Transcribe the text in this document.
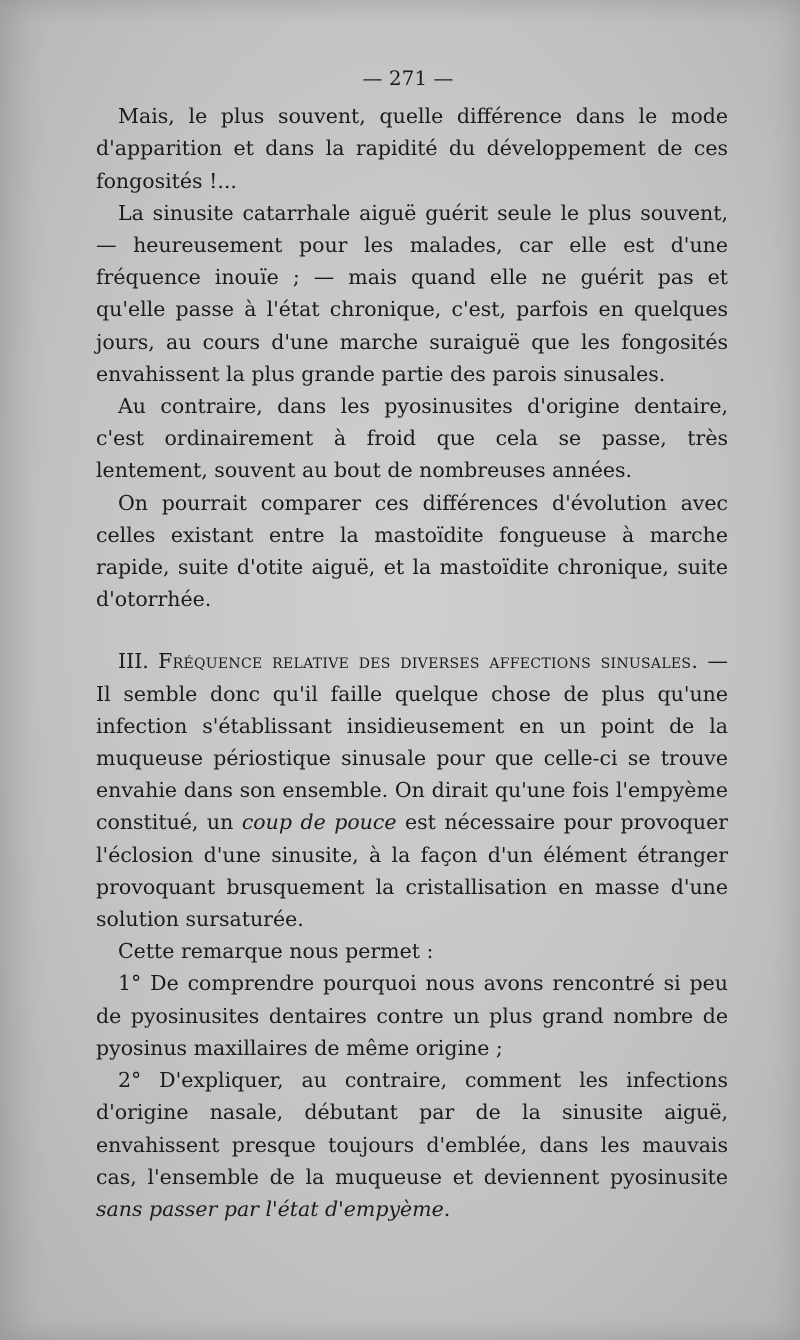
— 271 —

Mais, le plus souvent, quelle différence dans le mode d'apparition et dans la rapidité du développement de ces fongosités !...

La sinusite catarrhale aiguë guérit seule le plus souvent, — heureusement pour les malades, car elle est d'une fréquence inouïe ; — mais quand elle ne guérit pas et qu'elle passe à l'état chronique, c'est, parfois en quelques jours, au cours d'une marche suraiguë que les fongosités envahissent la plus grande partie des parois sinusales.

Au contraire, dans les pyosinusites d'origine dentaire, c'est ordinairement à froid que cela se passe, très lentement, souvent au bout de nombreuses années.

On pourrait comparer ces différences d'évolution avec celles existant entre la mastoïdite fongueuse à marche rapide, suite d'otite aiguë, et la mastoïdite chronique, suite d'otorrhée.

III. Fréquence relative des diverses affections sinusales. — Il semble donc qu'il faille quelque chose de plus qu'une infection s'établissant insidieusement en un point de la muqueuse périostique sinusale pour que celle-ci se trouve envahie dans son ensemble. On dirait qu'une fois l'empyème constitué, un coup de pouce est nécessaire pour provoquer l'éclosion d'une sinusite, à la façon d'un élément étranger provoquant brusquement la cristallisation en masse d'une solution sursaturée.

Cette remarque nous permet :

1° De comprendre pourquoi nous avons rencontré si peu de pyosinusites dentaires contre un plus grand nombre de pyosinus maxillaires de même origine ;

2° D'expliquer, au contraire, comment les infections d'origine nasale, débutant par de la sinusite aiguë, envahissent presque toujours d'emblée, dans les mauvais cas, l'ensemble de la muqueuse et deviennent pyosinusite sans passer par l'état d'empyème.
